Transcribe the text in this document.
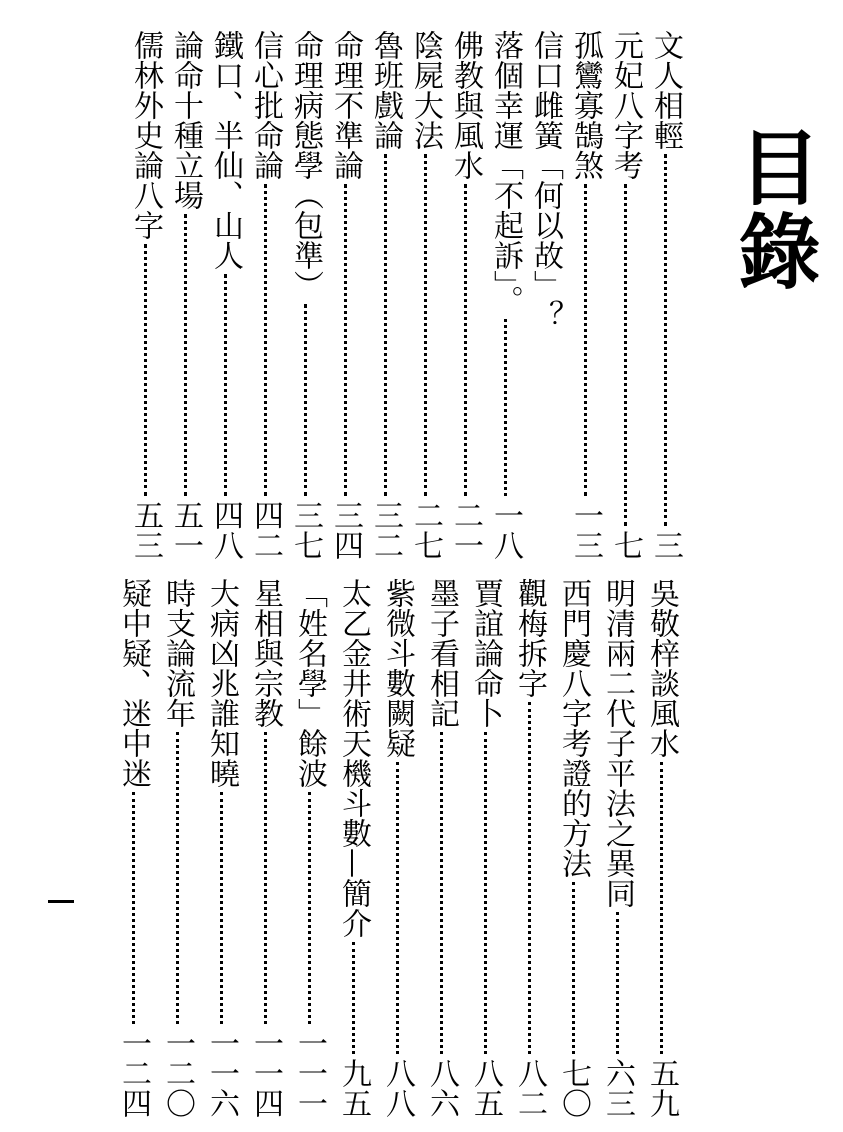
目錄
文人相輕
三
元妃八字考
七
孤鸞寡鵠煞
一三
信口雌簧「何以故」？
落個幸運「不起訴」。
一八
佛教與風水
二一
陰屍大法
二七
魯班戲論
三二
命理不準論
三四
命理病態學（包準）
三七
信心批命論
四二
鐵口、半仙、山人
四八
論命十種立場
五一
儒林外史論八字
五三
吳敬梓談風水
五九
明清兩二代子平法之異同
六三
西門慶八字考證的方法
七〇
觀梅拆字
八二
賈誼論命卜
八五
墨子看相記
八六
紫微斗數闕疑
八八
太乙金井術天機斗數—簡介
九五
「姓名學」餘波
一一一
星相與宗教
一一四
大病凶兆誰知曉
一一六
時支論流年
一二〇
疑中疑、迷中迷
一二四
